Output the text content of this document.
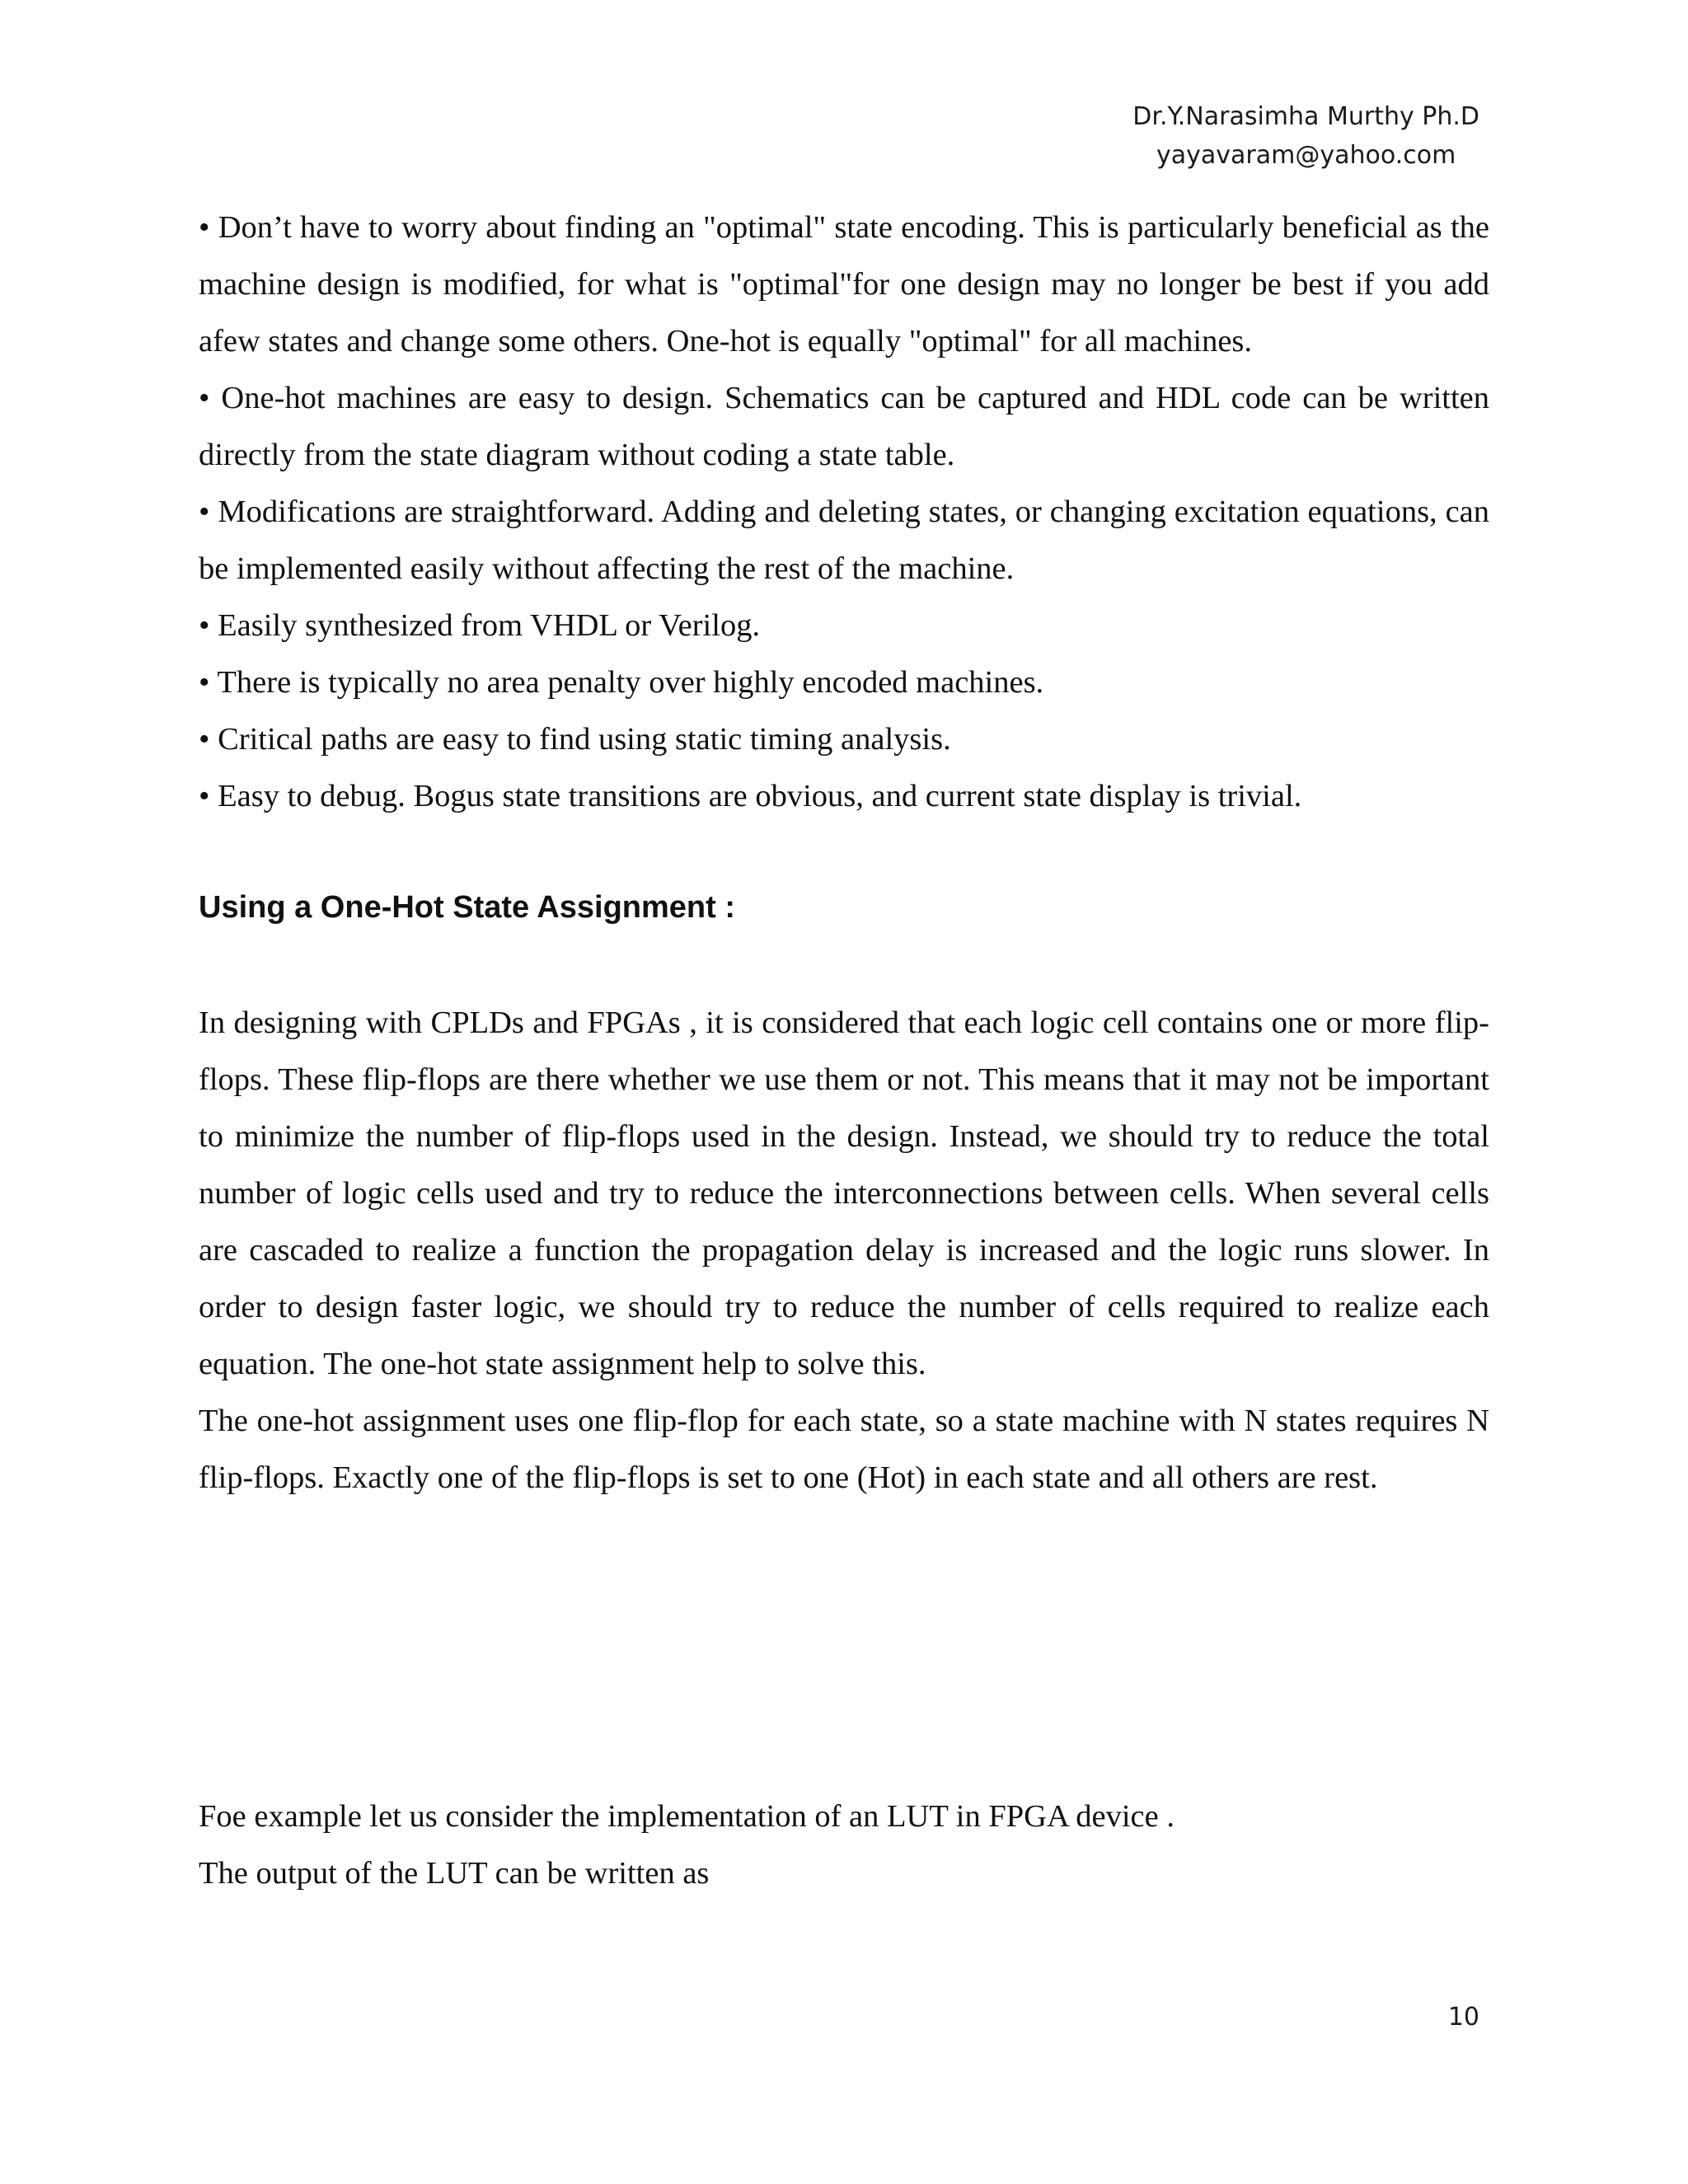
Dr.Y.Narasimha Murthy Ph.D
yayavaram@yahoo.com

• Don’t have to worry about finding an "optimal" state encoding. This is particularly beneficial as the machine design is modified, for what is "optimal"for one design may no longer be best if you add afew states and change some others. One-hot is equally "optimal" for all machines.

• One-hot machines are easy to design. Schematics can be captured and HDL code can be written directly from the state diagram without coding a state table.

• Modifications are straightforward. Adding and deleting states, or changing excitation equations, can be implemented easily without affecting the rest of the machine.

• Easily synthesized from VHDL or Verilog.

• There is typically no area penalty over highly encoded machines.

• Critical paths are easy to find using static timing analysis.

• Easy to debug. Bogus state transitions are obvious, and current state display is trivial.

Using a One-Hot State Assignment :

In designing with CPLDs and FPGAs , it is considered that each logic cell contains one or more flip-flops. These flip-flops are there whether we use them or not. This means that it may not be important to minimize the number of flip-flops used in the design. Instead, we should try to reduce the total number of logic cells used and try to reduce the interconnections between cells. When several cells are cascaded to realize a function the propagation delay is increased and the logic runs slower. In order to design faster logic, we should try to reduce the number of cells required to realize each equation. The one-hot state assignment help to solve this.

The one-hot assignment uses one flip-flop for each state, so a state machine with N states requires N flip-flops. Exactly one of the flip-flops is set to one (Hot) in each state and all others are rest.

Foe example let us consider the implementation of an LUT in FPGA device .

The output of the LUT can be written as

10
